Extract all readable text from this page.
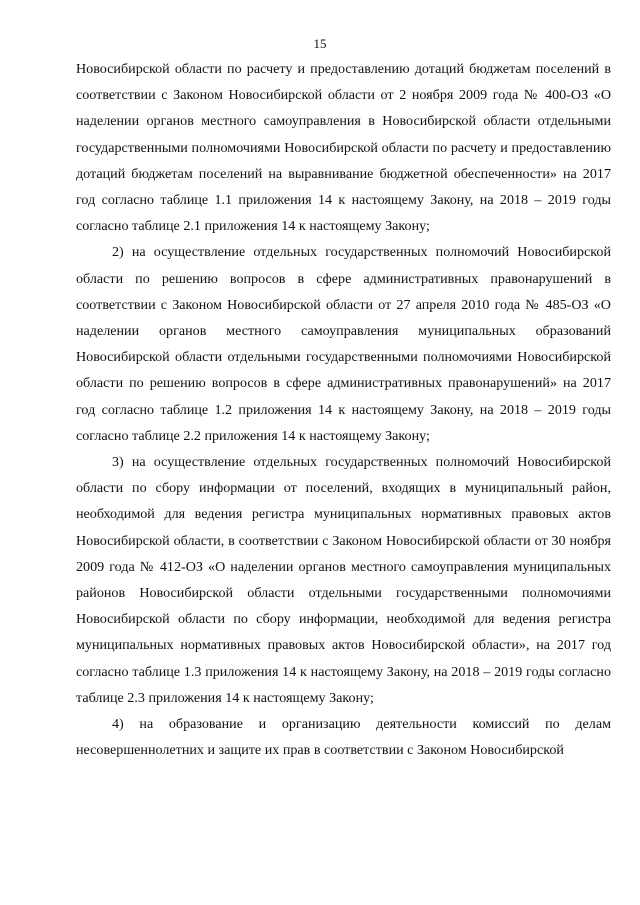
15

Новосибирской области по расчету и предоставлению дотаций бюджетам поселений в соответствии с Законом Новосибирской области от 2 ноября 2009 года № 400-ОЗ «О наделении органов местного самоуправления в Новосибирской области отдельными государственными полномочиями Новосибирской области по расчету и предоставлению дотаций бюджетам поселений на выравнивание бюджетной обеспеченности» на 2017 год согласно таблице 1.1 приложения 14 к настоящему Закону, на 2018 – 2019 годы согласно таблице 2.1 приложения 14 к настоящему Закону;

2) на осуществление отдельных государственных полномочий Новосибирской области по решению вопросов в сфере административных правонарушений в соответствии с Законом Новосибирской области от 27 апреля 2010 года № 485-ОЗ «О наделении органов местного самоуправления муниципальных образований Новосибирской области отдельными государственными полномочиями Новосибирской области по решению вопросов в сфере административных правонарушений» на 2017 год согласно таблице 1.2 приложения 14 к настоящему Закону, на 2018 – 2019 годы согласно таблице 2.2 приложения 14 к настоящему Закону;

3) на осуществление отдельных государственных полномочий Новосибирской области по сбору информации от поселений, входящих в муниципальный район, необходимой для ведения регистра муниципальных нормативных правовых актов Новосибирской области, в соответствии с Законом Новосибирской области от 30 ноября 2009 года № 412-ОЗ «О наделении органов местного самоуправления муниципальных районов Новосибирской области отдельными государственными полномочиями Новосибирской области по сбору информации, необходимой для ведения регистра муниципальных нормативных правовых актов Новосибирской области», на 2017 год согласно таблице 1.3 приложения 14 к настоящему Закону, на 2018 – 2019 годы согласно таблице 2.3 приложения 14 к настоящему Закону;

4) на образование и организацию деятельности комиссий по делам несовершеннолетних и защите их прав в соответствии с Законом Новосибирской
